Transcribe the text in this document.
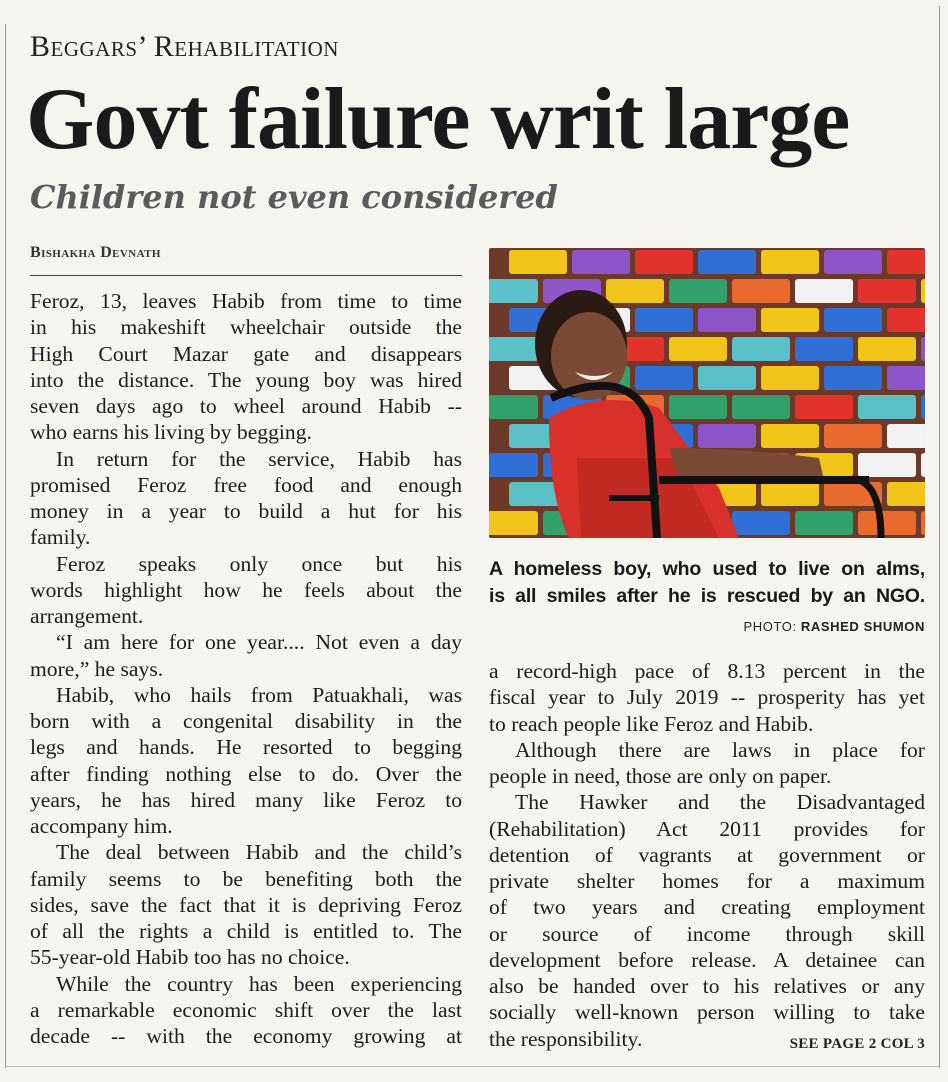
Beggars’ Rehabilitation
Govt failure writ large
Children not even considered
Bishakha Devnath
Feroz, 13, leaves Habib from time to time
in his makeshift wheelchair outside the
High Court Mazar gate and disappears
into the distance. The young boy was hired
seven days ago to wheel around Habib --
who earns his living by begging.
In return for the service, Habib has
promised Feroz free food and enough
money in a year to build a hut for his
family.
Feroz speaks only once but his
words highlight how he feels about the
arrangement.
“I am here for one year.... Not even a day
more,” he says.
Habib, who hails from Patuakhali, was
born with a congenital disability in the
legs and hands. He resorted to begging
after finding nothing else to do. Over the
years, he has hired many like Feroz to
accompany him.
The deal between Habib and the child’s
family seems to be benefiting both the
sides, save the fact that it is depriving Feroz
of all the rights a child is entitled to. The
55-year-old Habib too has no choice.
While the country has been experiencing
a remarkable economic shift over the last
decade -- with the economy growing at
A homeless boy, who used to live on alms,
is all smiles after he is rescued by an NGO.
PHOTO: RASHED SHUMON
a record-high pace of 8.13 percent in the
fiscal year to July 2019 -- prosperity has yet
to reach people like Feroz and Habib.
Although there are laws in place for
people in need, those are only on paper.
The Hawker and the Disadvantaged
(Rehabilitation) Act 2011 provides for
detention of vagrants at government or
private shelter homes for a maximum
of two years and creating employment
or source of income through skill
development before release. A detainee can
also be handed over to his relatives or any
socially well-known person willing to take
the responsibility.	SEE PAGE 2 COL 3
